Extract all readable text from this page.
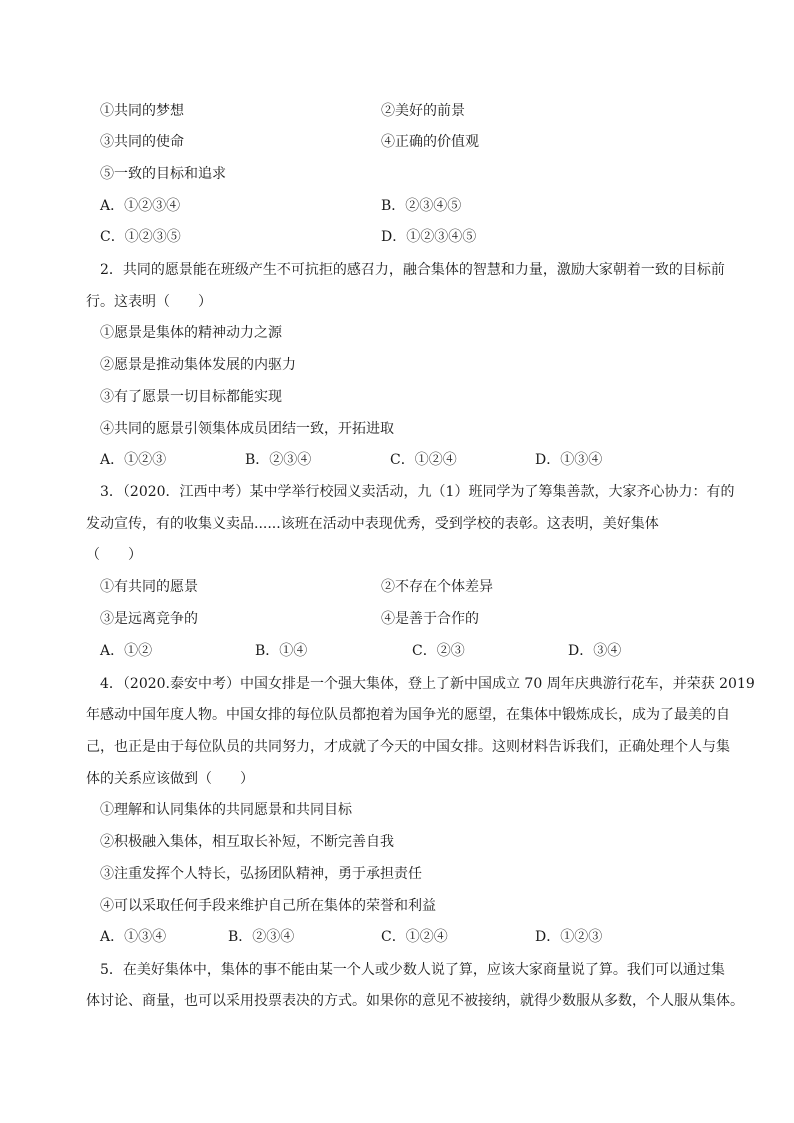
①共同的梦想	②美好的前景
③共同的使命	④正确的价值观
⑤一致的目标和追求
A．①②③④	B．②③④⑤
C．①②③⑤	D．①②③④⑤
2．共同的愿景能在班级产生不可抗拒的感召力，融合集体的智慧和力量，激励大家朝着一致的目标前
行。这表明（　　）
①愿景是集体的精神动力之源
②愿景是推动集体发展的内驱力
③有了愿景一切目标都能实现
④共同的愿景引领集体成员团结一致，开拓进取
A．①②③	B．②③④	C．①②④	D．①③④
3．（2020．江西中考）某中学举行校园义卖活动，九（1）班同学为了筹集善款，大家齐心协力：有的
发动宣传，有的收集义卖品......该班在活动中表现优秀，受到学校的表彰。这表明，美好集体
（　　）
①有共同的愿景	②不存在个体差异
③是远离竞争的	④是善于合作的
A．①②	B．①④	C．②③	D．③④
4．（2020.泰安中考）中国女排是一个强大集体，登上了新中国成立 70 周年庆典游行花车，并荣获 2019
年感动中国年度人物。中国女排的每位队员都抱着为国争光的愿望，在集体中锻炼成长，成为了最美的自
己，也正是由于每位队员的共同努力，才成就了今天的中国女排。这则材料告诉我们，正确处理个人与集
体的关系应该做到（　　）
①理解和认同集体的共同愿景和共同目标
②积极融入集体，相互取长补短，不断完善自我
③注重发挥个人特长，弘扬团队精神，勇于承担责任
④可以采取任何手段来维护自己所在集体的荣誉和利益
A．①③④	B．②③④	C．①②④	D．①②③
5．在美好集体中，集体的事不能由某一个人或少数人说了算，应该大家商量说了算。我们可以通过集
体讨论、商量，也可以采用投票表决的方式。如果你的意见不被接纳，就得少数服从多数，个人服从集体。
